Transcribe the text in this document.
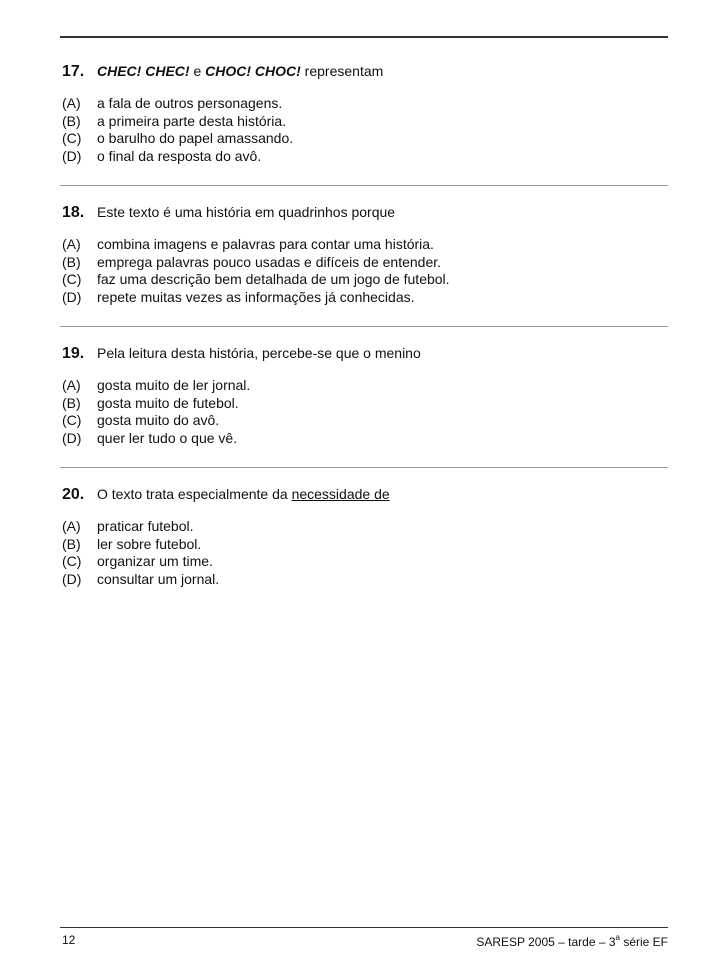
17. CHEC! CHEC! e CHOC! CHOC! representam
(A)	a fala de outros personagens.
(B)	a primeira parte desta história.
(C)	o barulho do papel amassando.
(D)	o final da resposta do avô.
18. Este texto é uma história em quadrinhos porque
(A)	combina imagens e palavras para contar uma história.
(B)	emprega palavras pouco usadas e difíceis de entender.
(C)	faz uma descrição bem detalhada de um jogo de futebol.
(D)	repete muitas vezes as informações já conhecidas.
19. Pela leitura desta história, percebe-se que o menino
(A)	gosta muito de ler jornal.
(B)	gosta muito de futebol.
(C)	gosta muito do avô.
(D)	quer ler tudo o que vê.
20. O texto trata especialmente da necessidade de
(A)	praticar futebol.
(B)	ler sobre futebol.
(C)	organizar um time.
(D)	consultar um jornal.
12	SARESP 2005 – tarde – 3$^a$ série EF
